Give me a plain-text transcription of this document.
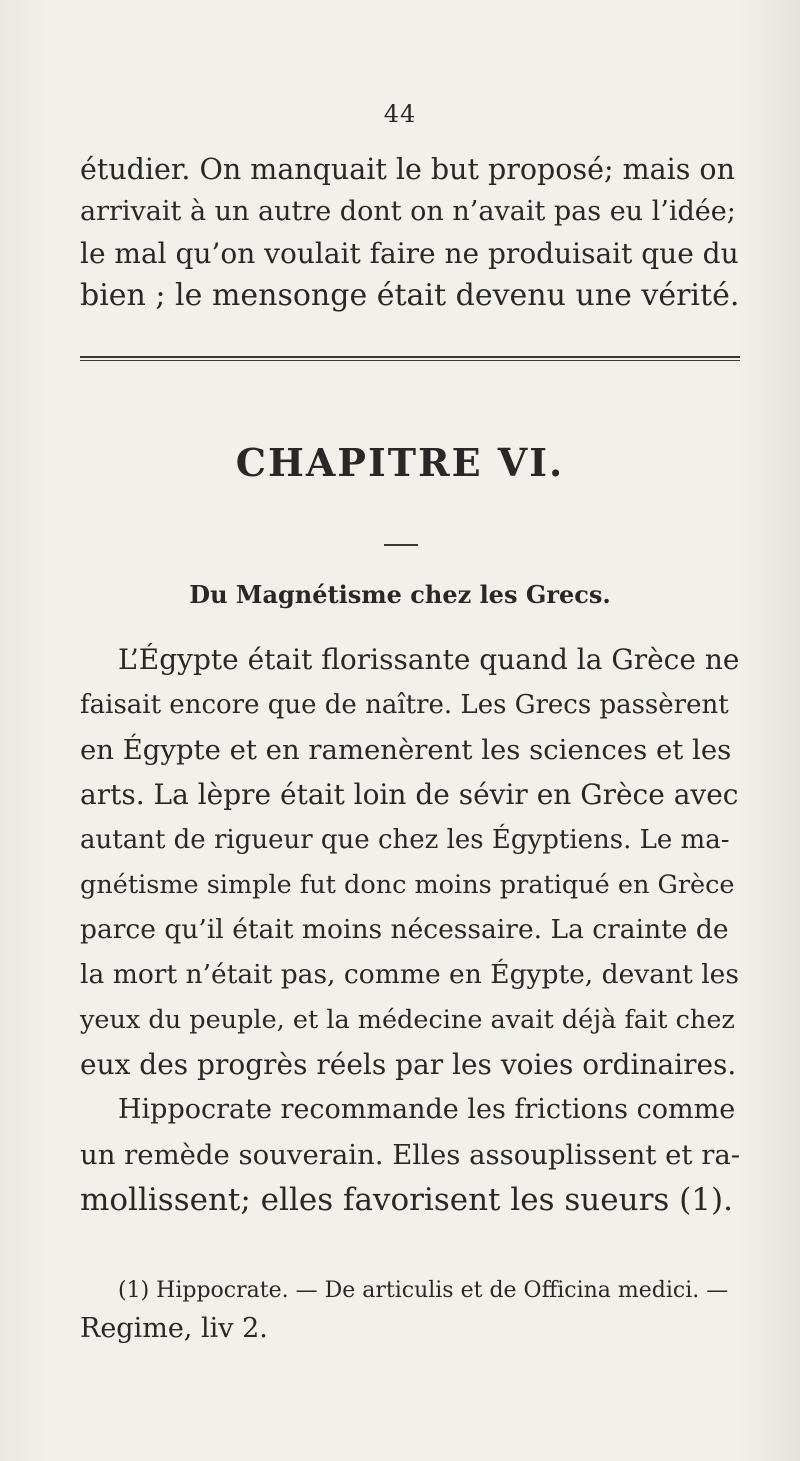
44
étudier. On manquait le but proposé; mais on
arrivait à un autre dont on n’avait pas eu l’idée;
le mal qu’on voulait faire ne produisait que du
bien ; le mensonge était devenu une vérité.
CHAPITRE VI.
Du Magnétisme chez les Grecs.
L’Égypte était florissante quand la Grèce ne
faisait encore que de naître. Les Grecs passèrent
en Égypte et en ramenèrent les sciences et les
arts. La lèpre était loin de sévir en Grèce avec
autant de rigueur que chez les Égyptiens. Le ma-
gnétisme simple fut donc moins pratiqué en Grèce
parce qu’il était moins nécessaire. La crainte de
la mort n’était pas, comme en Égypte, devant les
yeux du peuple, et la médecine avait déjà fait chez
eux des progrès réels par les voies ordinaires.
Hippocrate recommande les frictions comme
un remède souverain. Elles assouplissent et ra-
mollissent; elles favorisent les sueurs (1).
(1) Hippocrate. — De articulis et de Officina medici. —
Regime, liv 2.
